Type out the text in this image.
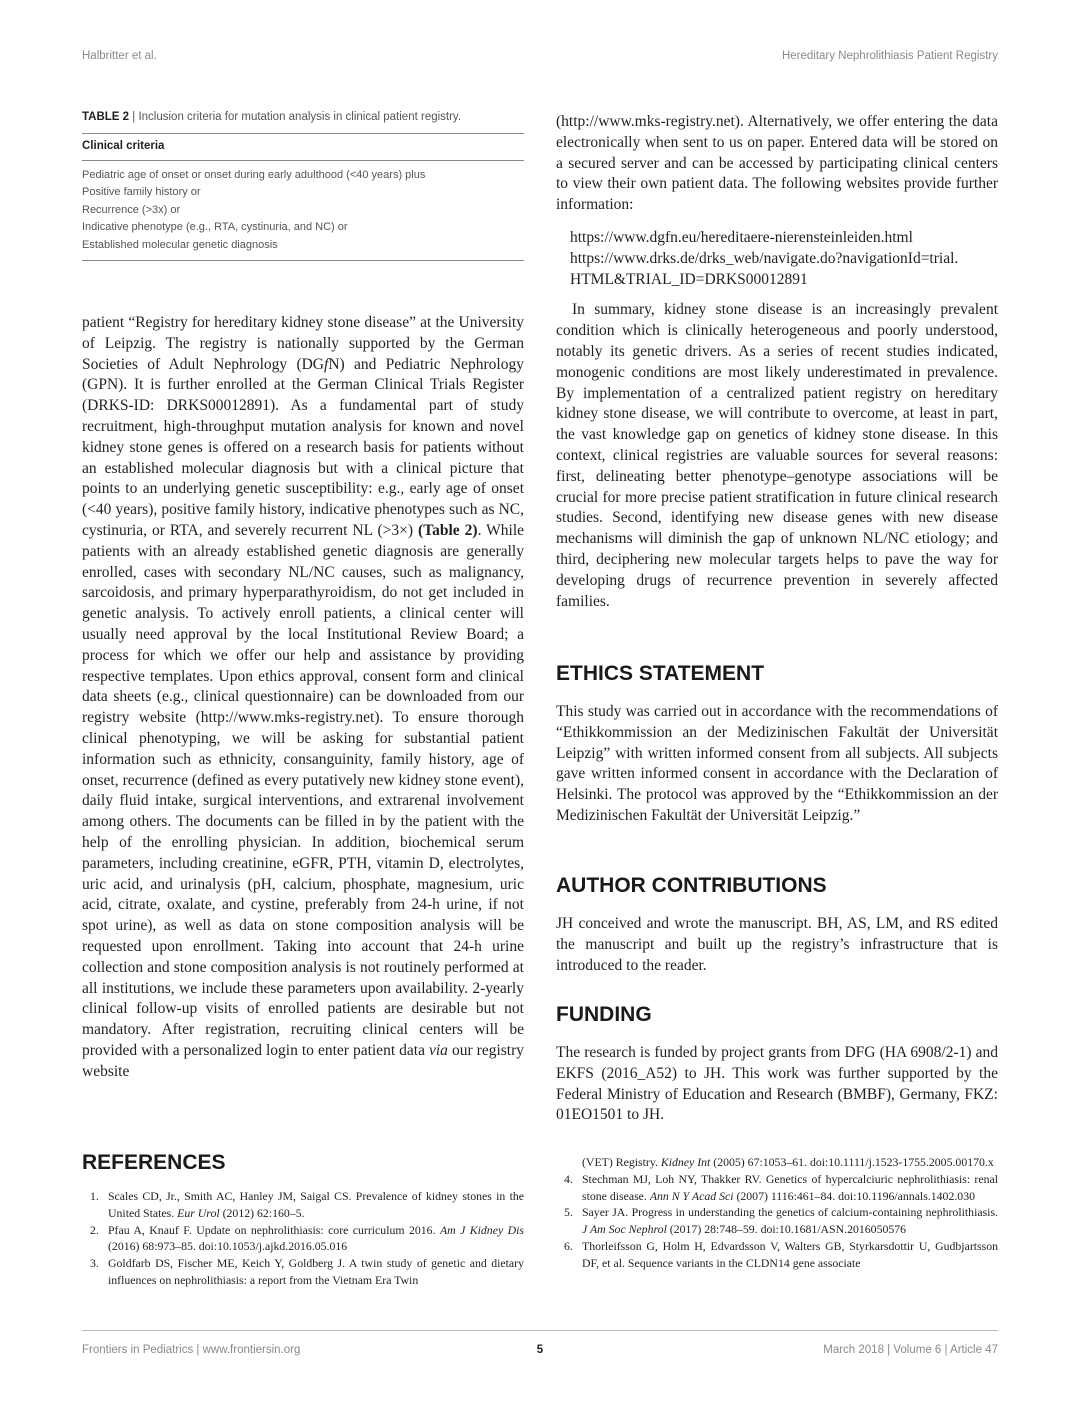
Halbritter et al.	Hereditary Nephrolithiasis Patient Registry
TABLE 2 | Inclusion criteria for mutation analysis in clinical patient registry.
Clinical criteria
Pediatric age of onset or onset during early adulthood (<40 years) plus
Positive family history or
Recurrence (>3x) or
Indicative phenotype (e.g., RTA, cystinuria, and NC) or
Established molecular genetic diagnosis

patient “Registry for hereditary kidney stone disease” at the University of Leipzig. The registry is nationally supported by the German Societies of Adult Nephrology (DGfN) and Pediatric Nephrology (GPN). It is further enrolled at the German Clinical Trials Register (DRKS-ID: DRKS00012891). As a fundamental part of study recruitment, high-throughput mutation analysis for known and novel kidney stone genes is offered on a research basis for patients without an established molecular diagnosis but with a clinical picture that points to an underlying genetic susceptibility: e.g., early age of onset (<40 years), positive family history, indicative phenotypes such as NC, cystinuria, or RTA, and severely recurrent NL (>3×) (Table 2). While patients with an already established genetic diagnosis are generally enrolled, cases with secondary NL/NC causes, such as malignancy, sarcoidosis, and primary hyperparathyroidism, do not get included in genetic analysis. To actively enroll patients, a clinical center will usually need approval by the local Institutional Review Board; a process for which we offer our help and assistance by providing respective templates. Upon ethics approval, consent form and clinical data sheets (e.g., clinical questionnaire) can be downloaded from our registry website (http://www.mks-registry.net). To ensure thorough clinical phenotyping, we will be asking for substantial patient information such as ethnicity, consanguinity, family history, age of onset, recurrence (defined as every putatively new kidney stone event), daily fluid intake, surgical interventions, and extrarenal involvement among others. The documents can be filled in by the patient with the help of the enrolling physician. In addition, biochemical serum parameters, including creatinine, eGFR, PTH, vitamin D, electrolytes, uric acid, and urinalysis (pH, calcium, phosphate, magnesium, uric acid, citrate, oxalate, and cystine, preferably from 24-h urine, if not spot urine), as well as data on stone composition analysis will be requested upon enrollment. Taking into account that 24-h urine collection and stone composition analysis is not routinely performed at all institutions, we include these parameters upon availability. 2-yearly clinical follow-up visits of enrolled patients are desirable but not mandatory. After registration, recruiting clinical centers will be provided with a personalized login to enter patient data via our registry website

(http://www.mks-registry.net). Alternatively, we offer entering the data electronically when sent to us on paper. Entered data will be stored on a secured server and can be accessed by participating clinical centers to view their own patient data. The following websites provide further information:

https://www.dgfn.eu/hereditaere-nierensteinleiden.html
https://www.drks.de/drks_web/navigate.do?navigationId=trial.
HTML&TRIAL_ID=DRKS00012891

In summary, kidney stone disease is an increasingly prevalent condition which is clinically heterogeneous and poorly understood, notably its genetic drivers. As a series of recent studies indicated, monogenic conditions are most likely underestimated in prevalence. By implementation of a centralized patient registry on hereditary kidney stone disease, we will contribute to overcome, at least in part, the vast knowledge gap on genetics of kidney stone disease. In this context, clinical registries are valuable sources for several reasons: first, delineating better phenotype–genotype associations will be crucial for more precise patient stratification in future clinical research studies. Second, identifying new disease genes with new disease mechanisms will diminish the gap of unknown NL/NC etiology; and third, deciphering new molecular targets helps to pave the way for developing drugs of recurrence prevention in severely affected families.

ETHICS STATEMENT

This study was carried out in accordance with the recommendations of “Ethikkommission an der Medizinischen Fakultät der Universität Leipzig” with written informed consent from all subjects. All subjects gave written informed consent in accordance with the Declaration of Helsinki. The protocol was approved by the “Ethikkommission an der Medizinischen Fakultät der Universität Leipzig.”

AUTHOR CONTRIBUTIONS

JH conceived and wrote the manuscript. BH, AS, LM, and RS edited the manuscript and built up the registry’s infrastructure that is introduced to the reader.

FUNDING

The research is funded by project grants from DFG (HA 6908/2-1) and EKFS (2016_A52) to JH. This work was further supported by the Federal Ministry of Education and Research (BMBF), Germany, FKZ: 01EO1501 to JH.

REFERENCES
1. Scales CD, Jr., Smith AC, Hanley JM, Saigal CS. Prevalence of kidney stones in the United States. Eur Urol (2012) 62:160–5.
2. Pfau A, Knauf F. Update on nephrolithiasis: core curriculum 2016. Am J Kidney Dis (2016) 68:973–85. doi:10.1053/j.ajkd.2016.05.016
3. Goldfarb DS, Fischer ME, Keich Y, Goldberg J. A twin study of genetic and dietary influences on nephrolithiasis: a report from the Vietnam Era Twin
(VET) Registry. Kidney Int (2005) 67:1053–61. doi:10.1111/j.1523-1755.2005.00170.x
4. Stechman MJ, Loh NY, Thakker RV. Genetics of hypercalciuric nephrolithiasis: renal stone disease. Ann N Y Acad Sci (2007) 1116:461–84. doi:10.1196/annals.1402.030
5. Sayer JA. Progress in understanding the genetics of calcium-containing nephrolithiasis. J Am Soc Nephrol (2017) 28:748–59. doi:10.1681/ASN.2016050576
6. Thorleifsson G, Holm H, Edvardsson V, Walters GB, Styrkarsdottir U, Gudbjartsson DF, et al. Sequence variants in the CLDN14 gene associate
Frontiers in Pediatrics | www.frontiersin.org	5	March 2018 | Volume 6 | Article 47
